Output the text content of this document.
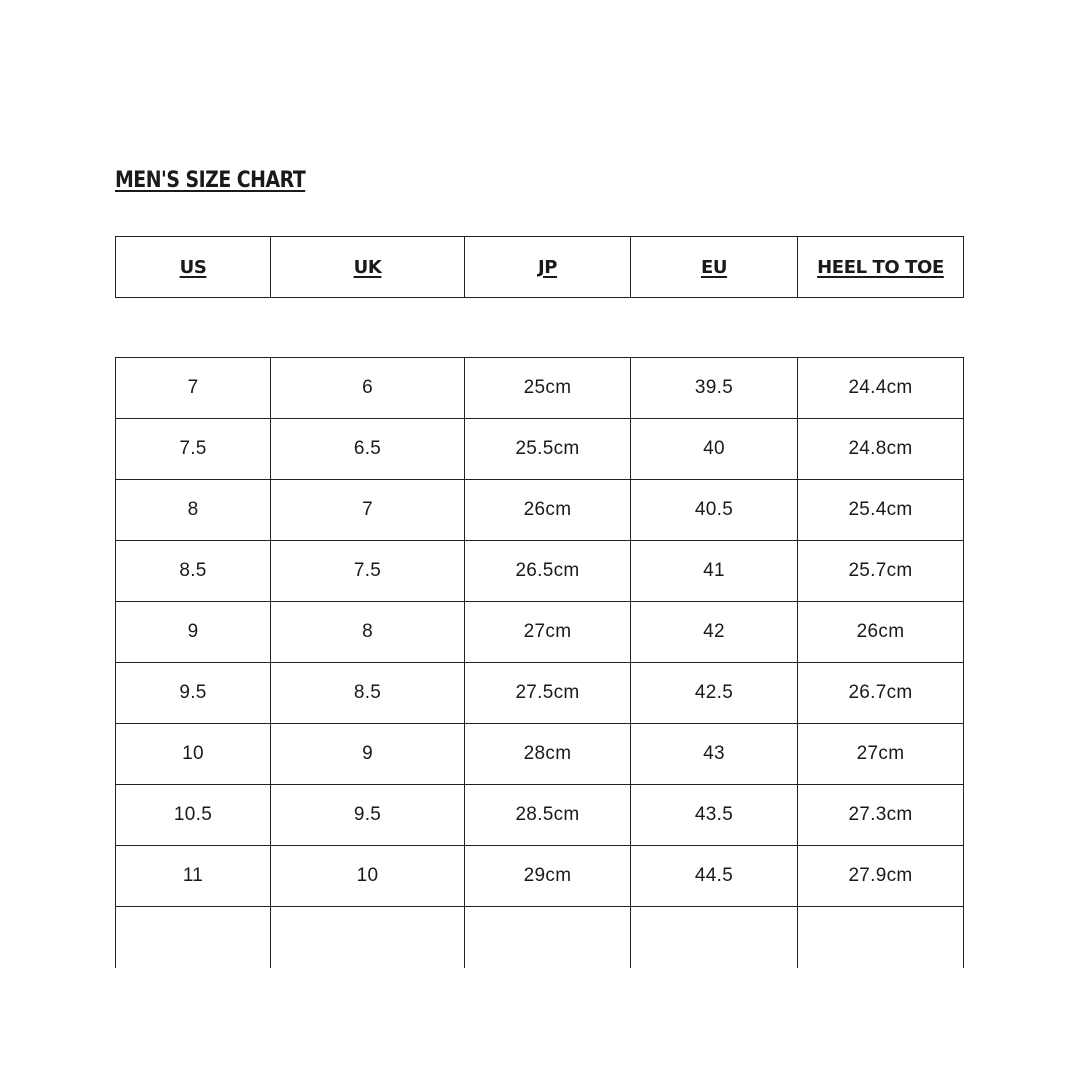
MEN'S SIZE CHART
US	UK	JP	EU	HEEL TO TOE
7	6	25cm	39.5	24.4cm
7.5	6.5	25.5cm	40	24.8cm
8	7	26cm	40.5	25.4cm
8.5	7.5	26.5cm	41	25.7cm
9	8	27cm	42	26cm
9.5	8.5	27.5cm	42.5	26.7cm
10	9	28cm	43	27cm
10.5	9.5	28.5cm	43.5	27.3cm
11	10	29cm	44.5	27.9cm
